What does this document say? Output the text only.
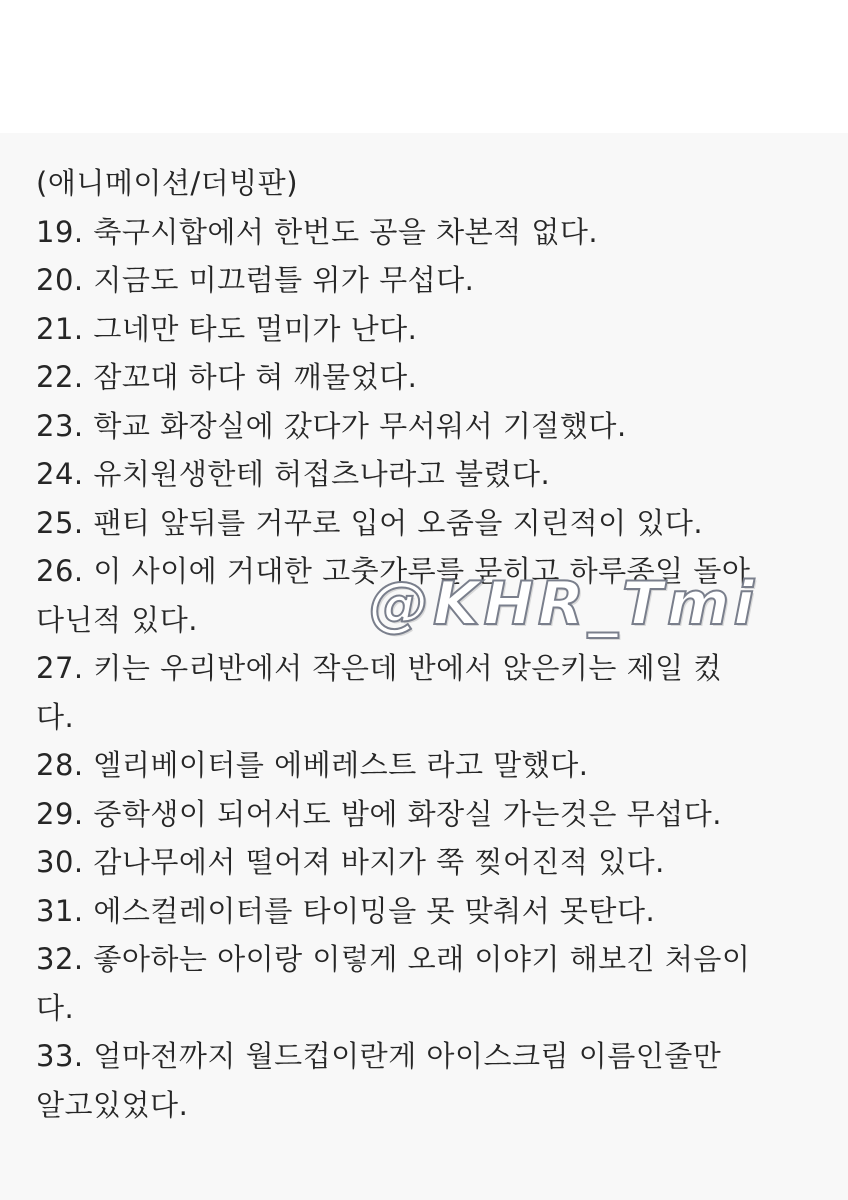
(애니메이션/더빙판)

19. 축구시합에서 한번도 공을 차본적 없다.

20. 지금도 미끄럼틀 위가 무섭다.

21. 그네만 타도 멀미가 난다.

22. 잠꼬대 하다 혀 깨물었다.

23. 학교 화장실에 갔다가 무서워서 기절했다.

24. 유치원생한테 허접츠나라고 불렸다.

25. 팬티 앞뒤를 거꾸로 입어 오줌을 지린적이 있다.

26. 이 사이에 거대한 고춧가루를 묻히고 하루종일 돌아

다닌적 있다.

27. 키는 우리반에서 작은데 반에서 앉은키는 제일 컸

다.

28. 엘리베이터를 에베레스트 라고 말했다.

29. 중학생이 되어서도 밤에 화장실 가는것은 무섭다.

30. 감나무에서 떨어져 바지가 쭉 찢어진적 있다.

31. 에스컬레이터를 타이밍을 못 맞춰서 못탄다.

32. 좋아하는 아이랑 이렇게 오래 이야기 해보긴 처음이

다.

33. 얼마전까지 월드컵이란게 아이스크림 이름인줄만

알고있었다.

@KHR_Tmi
